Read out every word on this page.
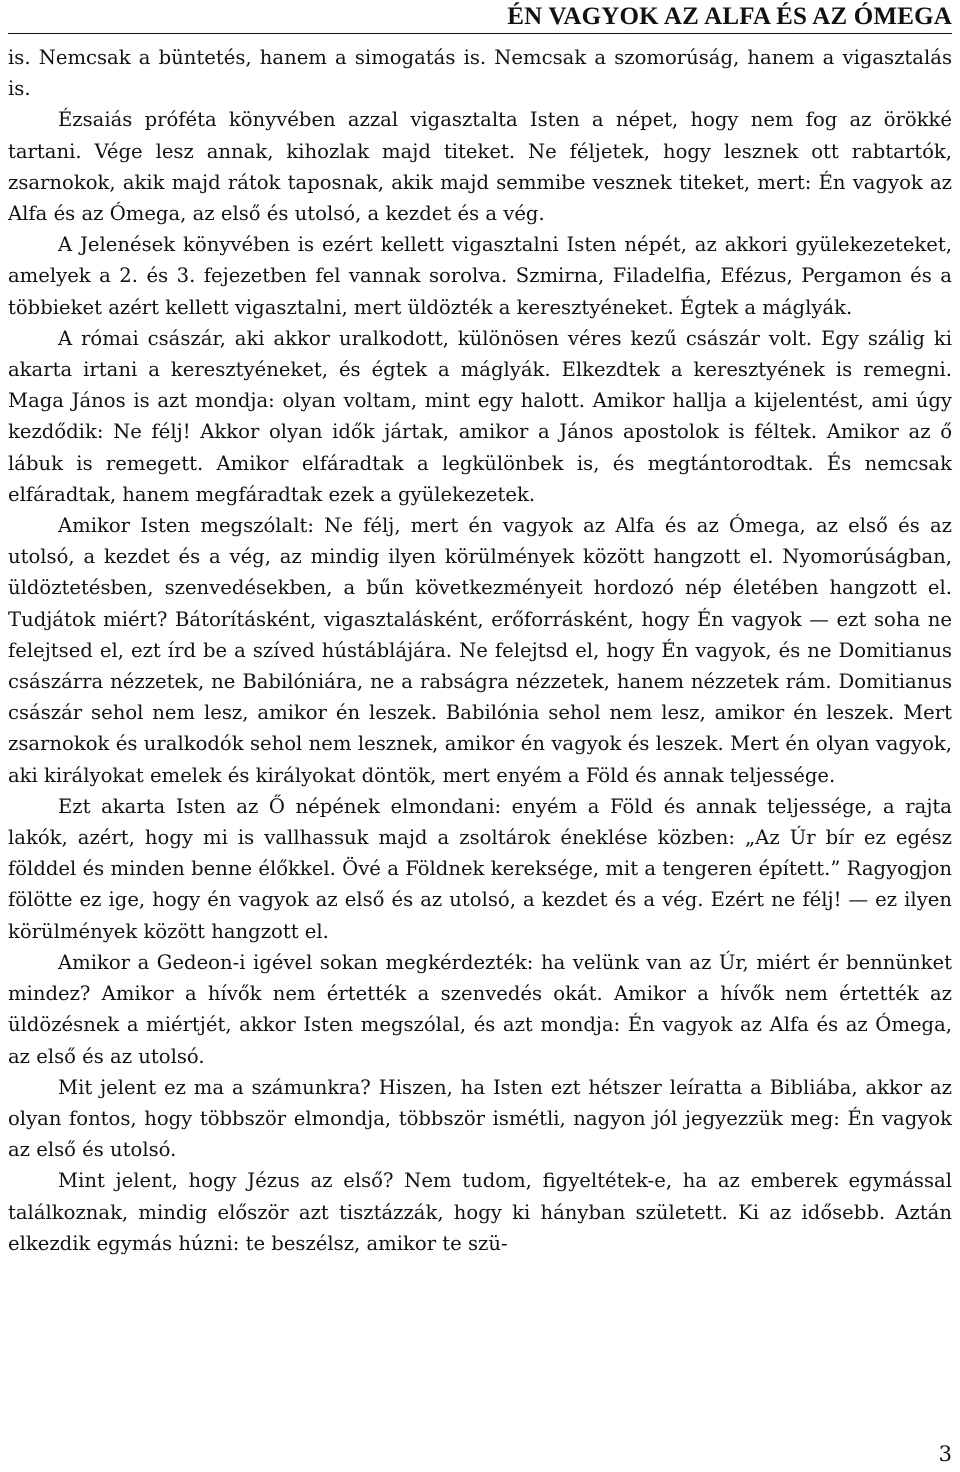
ÉN VAGYOK AZ ALFA ÉS AZ ÓMEGA

is. Nemcsak a büntetés, hanem a simogatás is. Nemcsak a szomorúság, hanem a vigasztalás is.

Ézsaiás próféta könyvében azzal vigasztalta Isten a népet, hogy nem fog az örökké tartani. Vége lesz annak, kihozlak majd titeket. Ne féljetek, hogy lesznek ott rabtartók, zsarnokok, akik majd rátok taposnak, akik majd semmibe vesznek titeket, mert: Én vagyok az Alfa és az Ómega, az első és utolsó, a kezdet és a vég.

A Jelenések könyvében is ezért kellett vigasztalni Isten népét, az akkori gyülekezeteket, amelyek a 2. és 3. fejezetben fel vannak sorolva. Szmirna, Filadelfia, Efézus, Pergamon és a többieket azért kellett vigasztalni, mert üldözték a keresztyéneket. Égtek a máglyák.

A római császár, aki akkor uralkodott, különösen véres kezű császár volt. Egy szálig ki akarta irtani a keresztyéneket, és égtek a máglyák. Elkezdtek a keresztyének is remegni. Maga János is azt mondja: olyan voltam, mint egy halott. Amikor hallja a kijelentést, ami úgy kezdődik: Ne félj! Akkor olyan idők jártak, amikor a János apostolok is féltek. Amikor az ő lábuk is remegett. Amikor elfáradtak a legkülönbek is, és megtántorodtak. És nemcsak elfáradtak, hanem megfáradtak ezek a gyülekezetek.

Amikor Isten megszólalt: Ne félj, mert én vagyok az Alfa és az Ómega, az első és az utolsó, a kezdet és a vég, az mindig ilyen körülmények között hangzott el. Nyomorúságban, üldöztetésben, szenvedésekben, a bűn következményeit hordozó nép életében hangzott el. Tudjátok miért? Bátorításként, vigasztalásként, erőforrásként, hogy Én vagyok — ezt soha ne felejtsed el, ezt írd be a szíved hústáblájára. Ne felejtsd el, hogy Én vagyok, és ne Domitianus császárra nézzetek, ne Babilóniára, ne a rabságra nézzetek, hanem nézzetek rám. Domitianus császár sehol nem lesz, amikor én leszek. Babilónia sehol nem lesz, amikor én leszek. Mert zsarnokok és uralkodók sehol nem lesznek, amikor én vagyok és leszek. Mert én olyan vagyok, aki királyokat emelek és királyokat döntök, mert enyém a Föld és annak teljessége.

Ezt akarta Isten az Ő népének elmondani: enyém a Föld és annak teljessége, a rajta lakók, azért, hogy mi is vallhassuk majd a zsoltárok éneklése közben: „Az Úr bír ez egész földdel és minden benne élőkkel. Övé a Földnek kereksége, mit a tengeren épített.” Ragyogjon fölötte ez ige, hogy én vagyok az első és az utolsó, a kezdet és a vég. Ezért ne félj! — ez ilyen körülmények között hangzott el.

Amikor a Gedeon-i igével sokan megkérdezték: ha velünk van az Úr, miért ér bennünket mindez? Amikor a hívők nem értették a szenvedés okát. Amikor a hívők nem értették az üldözésnek a miértjét, akkor Isten megszólal, és azt mondja: Én vagyok az Alfa és az Ómega, az első és az utolsó.

Mit jelent ez ma a számunkra? Hiszen, ha Isten ezt hétszer leíratta a Bibliába, akkor az olyan fontos, hogy többször elmondja, többször ismétli, nagyon jól jegyezzük meg: Én vagyok az első és utolsó.

Mint jelent, hogy Jézus az első? Nem tudom, figyeltétek-e, ha az emberek egymással találkoznak, mindig először azt tisztázzák, hogy ki hányban született. Ki az idősebb. Aztán elkezdik egymás húzni: te beszélsz, amikor te szü-

3
